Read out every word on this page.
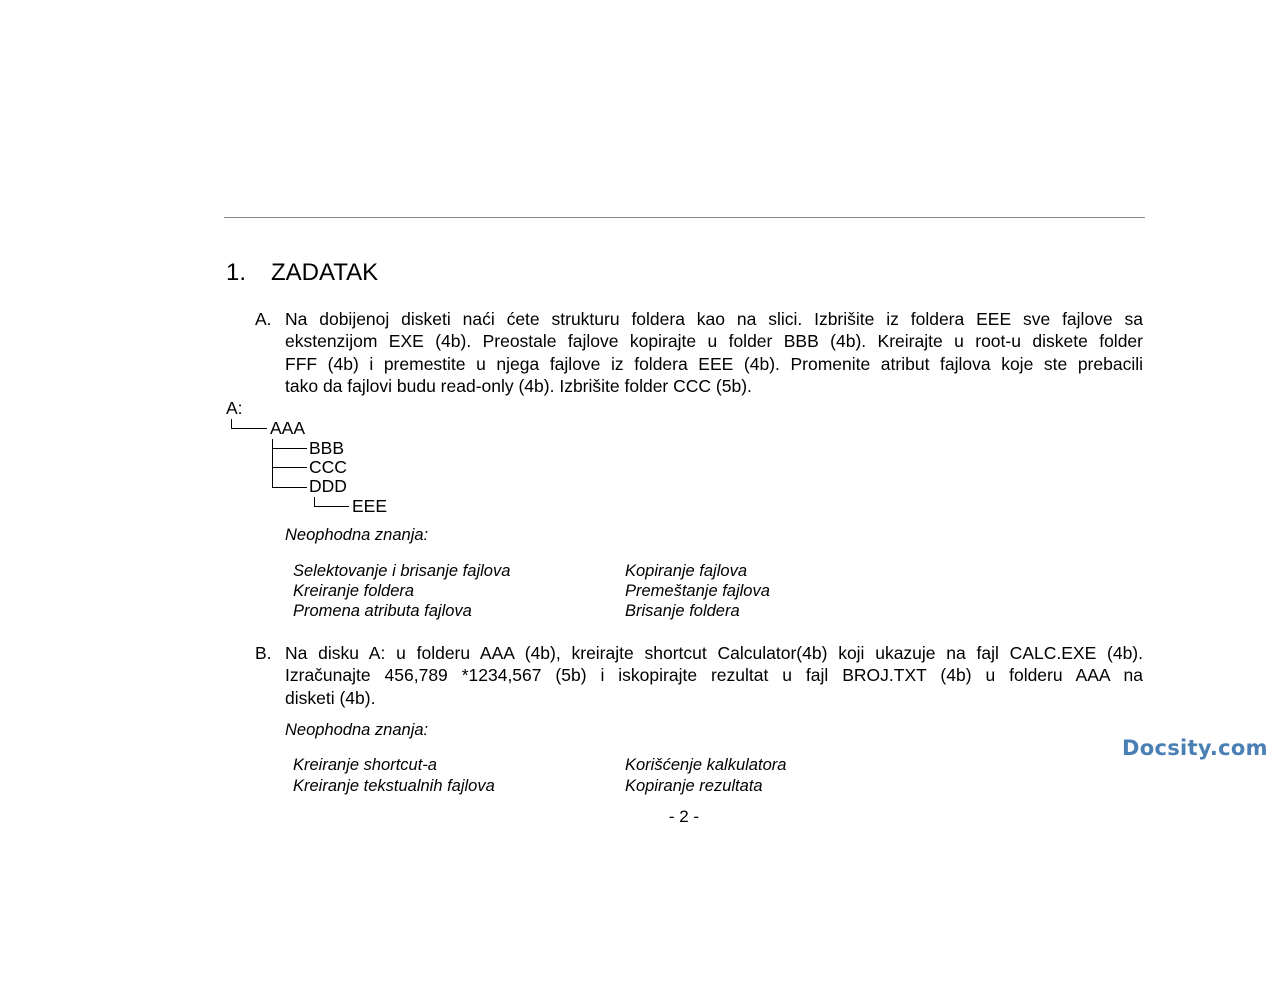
1. ZADATAK
A. Na dobijenoj disketi naći ćete strukturu foldera kao na slici. Izbrišite iz foldera EEE sve fajlove sa
ekstenzijom EXE (4b). Preostale fajlove kopirajte u folder BBB (4b). Kreirajte u root-u diskete folder
FFF (4b) i premestite u njega fajlove iz foldera EEE (4b). Promenite atribut fajlova koje ste prebacili
tako da fajlovi budu read-only (4b). Izbrišite folder CCC (5b).
A:
AAA
BBB
CCC
DDD
EEE
Neophodna znanja:
Selektovanje i brisanje fajlova	Kopiranje fajlova
Kreiranje foldera	Premeštanje fajlova
Promena atributa fajlova	Brisanje foldera
B. Na disku A: u folderu AAA (4b), kreirajte shortcut Calculator(4b) koji ukazuje na fajl CALC.EXE (4b).
Izračunajte 456,789 *1234,567 (5b) i iskopirajte rezultat u fajl BROJ.TXT (4b) u folderu AAA na
disketi (4b).
Neophodna znanja:
Kreiranje shortcut-a	Korišćenje kalkulatora
Kreiranje tekstualnih fajlova	Kopiranje rezultata
- 2 -
Docsity.com
